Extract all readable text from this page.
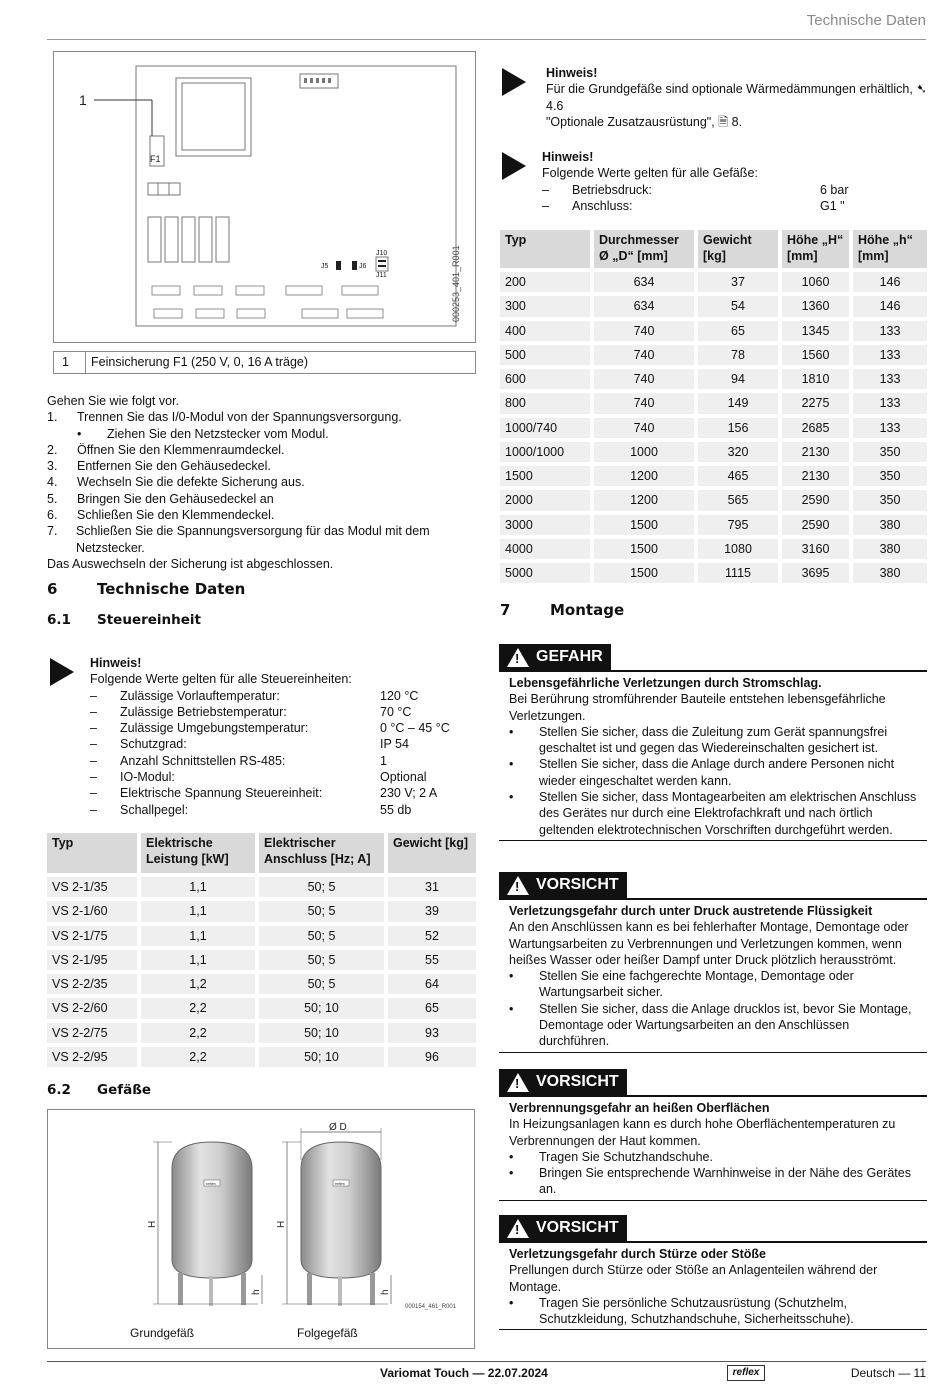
Technische Daten
1
F1
J5	J6
J10
J11	000253_401_R001
1	Feinsicherung F1 (250 V, 0, 16 A träge)

Gehen Sie wie folgt vor.

1.	Trennen Sie das I/0-Modul von der Spannungsversorgung.
•	Ziehen Sie den Netzstecker vom Modul.
2.	Öffnen Sie den Klemmenraumdeckel.
3.	Entfernen Sie den Gehäusedeckel.
4.	Wechseln Sie die defekte Sicherung aus.
5.	Bringen Sie den Gehäusedeckel an
6.	Schließen Sie den Klemmendeckel.
7.	Schließen Sie die Spannungsversorgung für das Modul mit dem Netzstecker.

Das Auswechseln der Sicherung ist abgeschlossen.

6	Technische Daten
6.1 Steuereinheit
Hinweis!
Folgende Werte gelten für alle Steuereinheiten:
–	Zulässige Vorlauftemperatur:	120 °C
–	Zulässige Betriebstemperatur:	70 °C
–	Zulässige Umgebungstemperatur:	0 °C – 45 °C
–	Schutzgrad:	IP 54
–	Anzahl Schnittstellen RS-485:	1
–	IO-Modul:	Optional
–	Elektrische Spannung Steuereinheit:	230 V; 2 A
–	Schallpegel:	55 db
Typ	Elektrische Leistung [kW]	Elektrischer Anschluss [Hz; A]	Gewicht [kg]
VS 2-1/35	1,1	50; 5	31
VS 2-1/60	1,1	50; 5	39
VS 2-1/75	1,1	50; 5	52
VS 2-1/95	1,1	50; 5	55
VS 2-2/35	1,2	50; 5	64
VS 2-2/60	2,2	50; 10	65
VS 2-2/75	2,2	50; 10	93
VS 2-2/95	2,2	50; 10	96
6.2 Gefäße
reflex
H
h
reflex
Ø D
H
h
000154_461_R001
Grundgefäß	Folgegefäß
Hinweis!
Für die Grundgefäße sind optionale Wärmedämmungen erhältlich, ➷ 4.6
"Optionale Zusatzausrüstung", 🗎 8.
Hinweis!
Folgende Werte gelten für alle Gefäße:
–	Betriebsdruck:	6 bar
–	Anschluss:	G1 "
Typ	Durchmesser Ø „D“ [mm]	Gewicht [kg]	Höhe „H“ [mm]	Höhe „h“ [mm]
200	634	37	1060	146
300	634	54	1360	146
400	740	65	1345	133
500	740	78	1560	133
600	740	94	1810	133
800	740	149	2275	133
1000/740	740	156	2685	133
1000/1000	1000	320	2130	350
1500	1200	465	2130	350
2000	1200	565	2590	350
3000	1500	795	2590	380
4000	1500	1080	3160	380
5000	1500	1115	3695	380
7	Montage
!
GEFAHR
Lebensgefährliche Verletzungen durch Stromschlag.
Bei Berührung stromführender Bauteile entstehen lebensgefährliche Verletzungen.
•	Stellen Sie sicher, dass die Zuleitung zum Gerät spannungsfrei geschaltet ist und gegen das Wiedereinschalten gesichert ist.
•	Stellen Sie sicher, dass die Anlage durch andere Personen nicht wieder eingeschaltet werden kann.
•	Stellen Sie sicher, dass Montagearbeiten am elektrischen Anschluss des Gerätes nur durch eine Elektrofachkraft und nach örtlich geltenden elektrotechnischen Vorschriften durchgeführt werden.
!
VORSICHT
Verletzungsgefahr durch unter Druck austretende Flüssigkeit
An den Anschlüssen kann es bei fehlerhafter Montage, Demontage oder Wartungsarbeiten zu Verbrennungen und Verletzungen kommen, wenn heißes Wasser oder heißer Dampf unter Druck plötzlich herausströmt.
•	Stellen Sie eine fachgerechte Montage, Demontage oder Wartungsarbeit sicher.
•	Stellen Sie sicher, dass die Anlage drucklos ist, bevor Sie Montage, Demontage oder Wartungsarbeiten an den Anschlüssen durchführen.
!
VORSICHT
Verbrennungsgefahr an heißen Oberflächen
In Heizungsanlagen kann es durch hohe Oberflächentemperaturen zu Verbrennungen der Haut kommen.
•	Tragen Sie Schutzhandschuhe.
•	Bringen Sie entsprechende Warnhinweise in der Nähe des Gerätes an.
!
VORSICHT
Verletzungsgefahr durch Stürze oder Stöße
Prellungen durch Stürze oder Stöße an Anlagenteilen während der Montage.
•	Tragen Sie persönliche Schutzausrüstung (Schutzhelm, Schutzkleidung, Schutzhandschuhe, Sicherheitsschuhe).
Variomat Touch — 22.07.2024	reflex	Deutsch — 11
